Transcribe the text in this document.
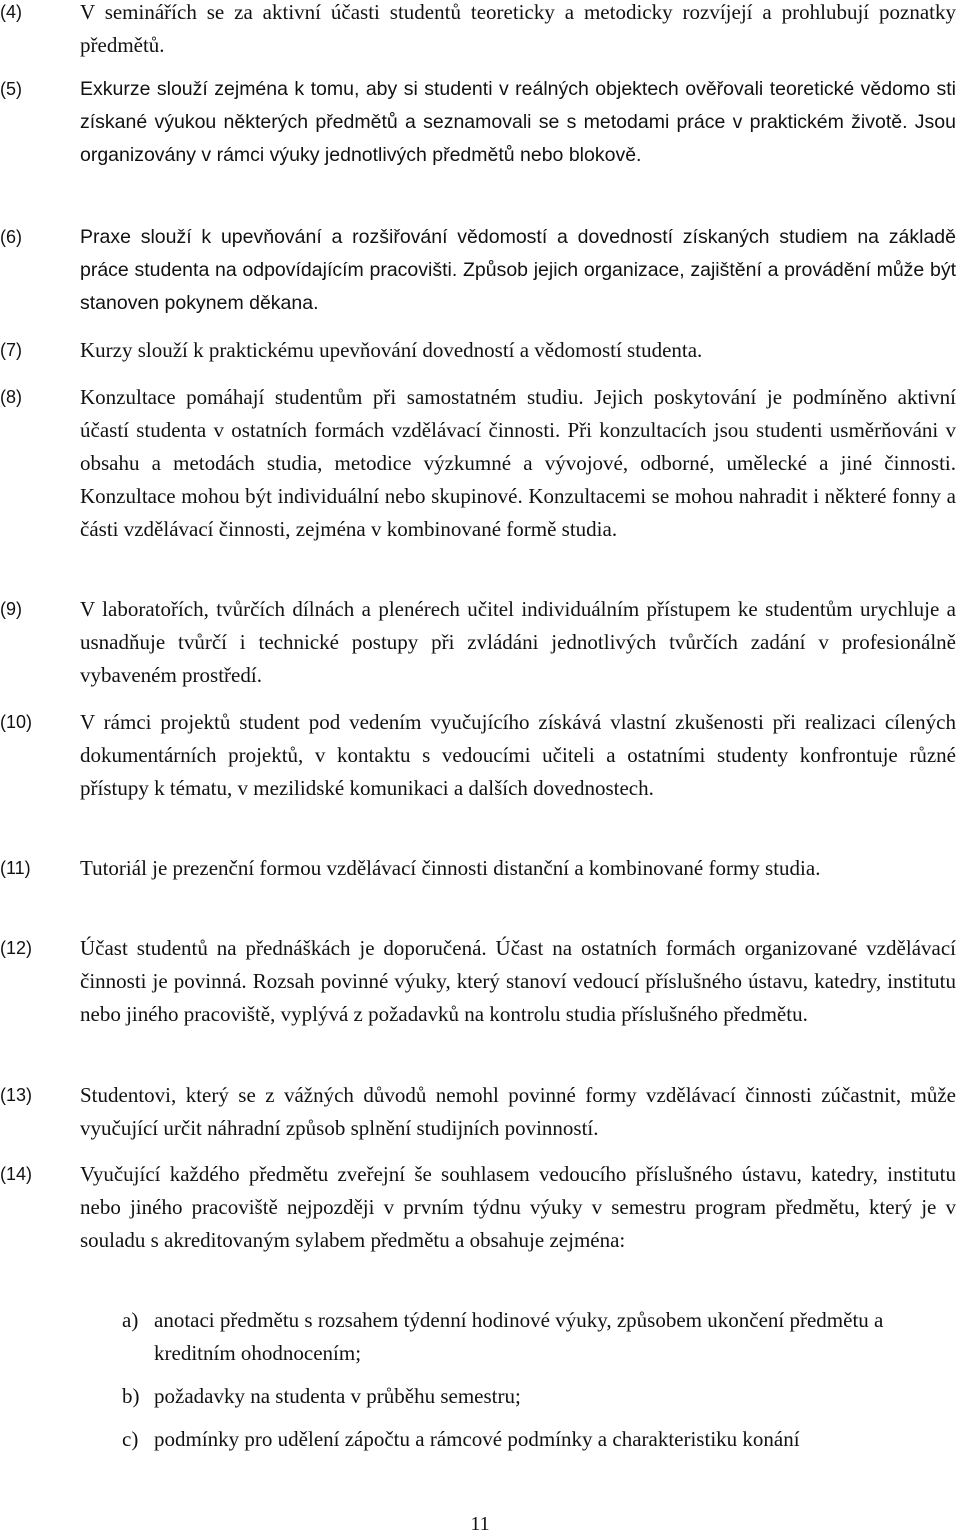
(4)	V seminářích se za aktivní účasti studentů teoreticky a metodicky rozvíjejí a prohlubují poznatky předmětů.
(5)	Exkurze slouží zejména k tomu, aby si studenti v reálných objektech ověřovali teoretické vědomo sti získané výukou některých předmětů a seznamovali se s metodami práce v praktickém životě. Jsou organizovány v rámci výuky jednotlivých předmětů nebo blokově.
(6)	Praxe slouží k upevňování a rozšiřování vědomostí a dovedností získaných studiem na základě práce studenta na odpovídajícím pracovišti. Způsob jejich organizace, zajištění a provádění může být stanoven pokynem děkana.
(7)	Kurzy slouží k praktickému upevňování dovedností a vědomostí studenta.
(8)	Konzultace pomáhají studentům při samostatném studiu. Jejich poskytování je podmíněno aktivní účastí studenta v ostatních formách vzdělávací činnosti. Při konzultacích jsou studenti usměrňováni v obsahu a metodách studia, metodice výzkumné a vývojové, odborné, umělecké a jiné činnosti. Konzultace mohou být individuální nebo skupinové. Konzultacemi se mohou nahradit i některé fonny a části vzdělávací činnosti, zejména v kombinované formě studia.
(9)	V laboratořích, tvůrčích dílnách a plenérech učitel individuálním přístupem ke studentům urychluje a usnadňuje tvůrčí i technické postupy při zvládáni jednotlivých tvůrčích zadání v profesionálně vybaveném prostředí.
(10)	V rámci projektů student pod vedením vyučujícího získává vlastní zkušenosti při realizaci cílených dokumentárních projektů, v kontaktu s vedoucími učiteli a ostatními studenty konfrontuje různé přístupy k tématu, v mezilidské komunikaci a dalších dovednostech.
(11)	Tutoriál je prezenční formou vzdělávací činnosti distanční a kombinované formy studia.
(12)	Účast studentů na přednáškách je doporučená. Účast na ostatních formách organizované vzdělávací činnosti je povinná. Rozsah povinné výuky, který stanoví vedoucí příslušného ústavu, katedry, institutu nebo jiného pracoviště, vyplývá z požadavků na kontrolu studia příslušného předmětu.
(13)	Studentovi, který se z vážných důvodů nemohl povinné formy vzdělávací činnosti zúčastnit, může vyučující určit náhradní způsob splnění studijních povinností.
(14)	Vyučující každého předmětu zveřejní še souhlasem vedoucího příslušného ústavu, katedry, institutu nebo jiného pracoviště nejpozději v prvním týdnu výuky v semestru program předmětu, který je v souladu s akreditovaným sylabem předmětu a obsahuje zejména:
a) anotaci předmětu s rozsahem týdenní hodinové výuky, způsobem ukončení předmětu a kreditním ohodnocením;
b) požadavky na studenta v průběhu semestru;
c) podmínky pro udělení zápočtu a rámcové podmínky a charakteristiku konání
11
